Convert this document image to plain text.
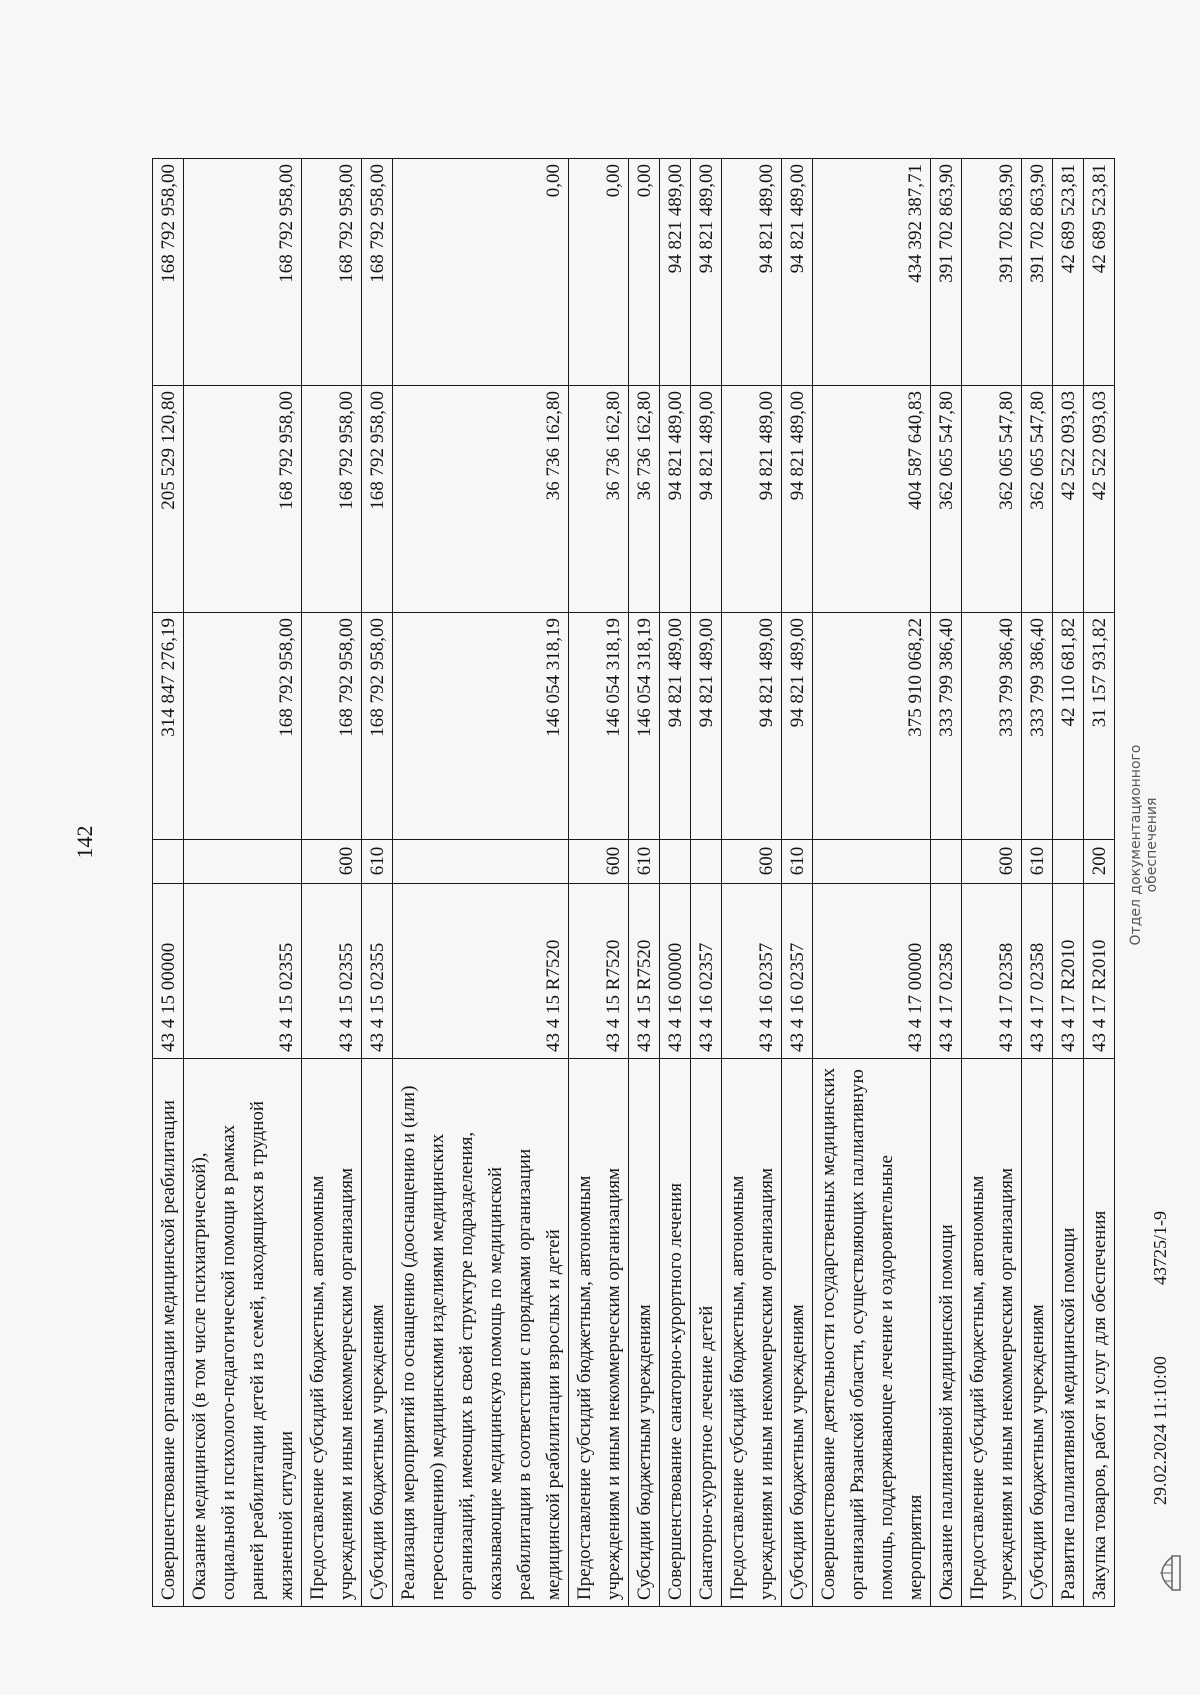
142
Совершенствование организации медицинской реабилитации	43 4 15 00000		314 847 276,19	205 529 120,80	168 792 958,00
Оказание медицинской (в том числе психиатрической), социальной и психолого-педагогической помощи в рамках ранней реабилитации детей из семей, находящихся в трудной жизненной ситуации	43 4 15 02355		168 792 958,00	168 792 958,00	168 792 958,00
Предоставление субсидий бюджетным, автономным учреждениям и иным некоммерческим организациям	43 4 15 02355	600	168 792 958,00	168 792 958,00	168 792 958,00
Субсидии бюджетным учреждениям	43 4 15 02355	610	168 792 958,00	168 792 958,00	168 792 958,00
Реализация мероприятий по оснащению (дооснащению и (или) переоснащению) медицинскими изделиями медицинских организаций, имеющих в своей структуре подразделения, оказывающие медицинскую помощь по медицинской реабилитации в соответствии с порядками организации медицинской реабилитации взрослых и детей	43 4 15 R7520		146 054 318,19	36 736 162,80	0,00
Предоставление субсидий бюджетным, автономным учреждениям и иным некоммерческим организациям	43 4 15 R7520	600	146 054 318,19	36 736 162,80	0,00
Субсидии бюджетным учреждениям	43 4 15 R7520	610	146 054 318,19	36 736 162,80	0,00
Совершенствование санаторно-курортного лечения	43 4 16 00000		94 821 489,00	94 821 489,00	94 821 489,00
Санаторно-курортное лечение детей	43 4 16 02357		94 821 489,00	94 821 489,00	94 821 489,00
Предоставление субсидий бюджетным, автономным учреждениям и иным некоммерческим организациям	43 4 16 02357	600	94 821 489,00	94 821 489,00	94 821 489,00
Субсидии бюджетным учреждениям	43 4 16 02357	610	94 821 489,00	94 821 489,00	94 821 489,00
Совершенствование деятельности государственных медицинских организаций Рязанской области, осуществляющих паллиативную помощь, поддерживающее лечение и оздоровительные мероприятия	43 4 17 00000		375 910 068,22	404 587 640,83	434 392 387,71
Оказание паллиативной медицинской помощи	43 4 17 02358		333 799 386,40	362 065 547,80	391 702 863,90
Предоставление субсидий бюджетным, автономным учреждениям и иным некоммерческим организациям	43 4 17 02358	600	333 799 386,40	362 065 547,80	391 702 863,90
Субсидии бюджетным учреждениям	43 4 17 02358	610	333 799 386,40	362 065 547,80	391 702 863,90
Развитие паллиативной медицинской помощи	43 4 17 R2010		42 110 681,82	42 522 093,03	42 689 523,81
Закупка товаров, работ и услуг для обеспечения	43 4 17 R2010	200	31 157 931,82	42 522 093,03	42 689 523,81
29.02.2024 11:10:00
43725/1-9
Отдел документационного обеспечения
